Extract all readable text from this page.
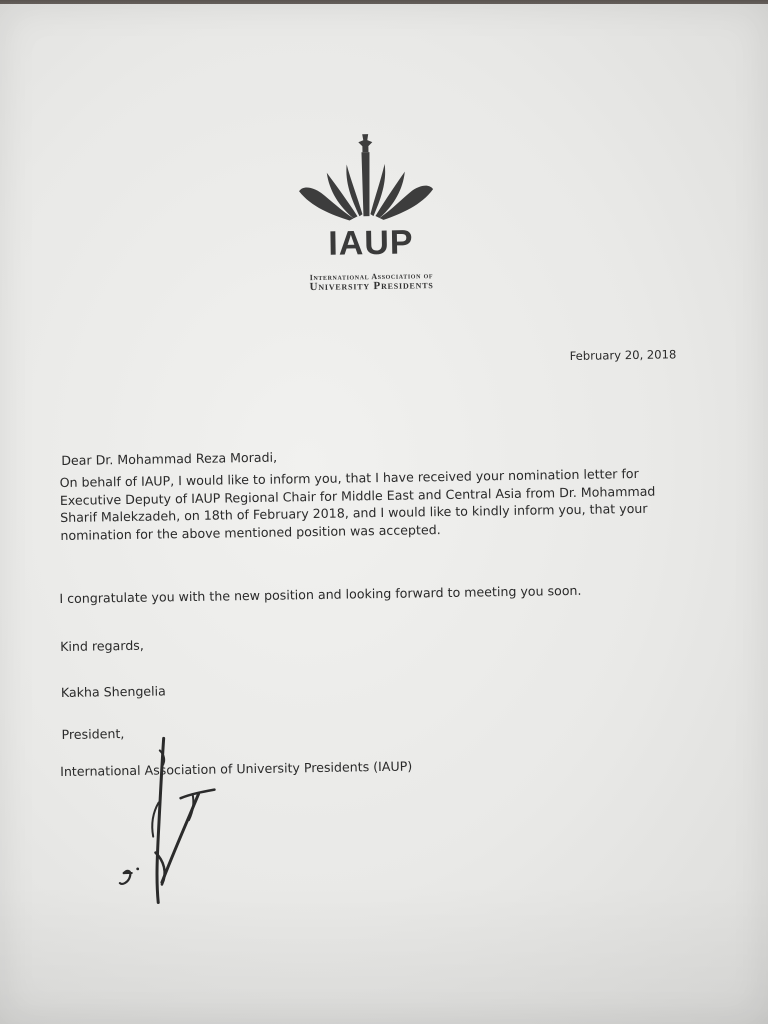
IAUP
International Association of
University Presidents
February 20, 2018
Dear Dr. Mohammad Reza Moradi,
On behalf of IAUP, I would like to inform you, that I have received your nomination letter for
Executive Deputy of IAUP Regional Chair for Middle East and Central Asia from Dr. Mohammad
Sharif Malekzadeh, on 18th of February 2018, and I would like to kindly inform you, that your
nomination for the above mentioned position was accepted.
I congratulate you with the new position and looking forward to meeting you soon.
Kind regards,
Kakha Shengelia
President,
International Association of University Presidents (IAUP)
